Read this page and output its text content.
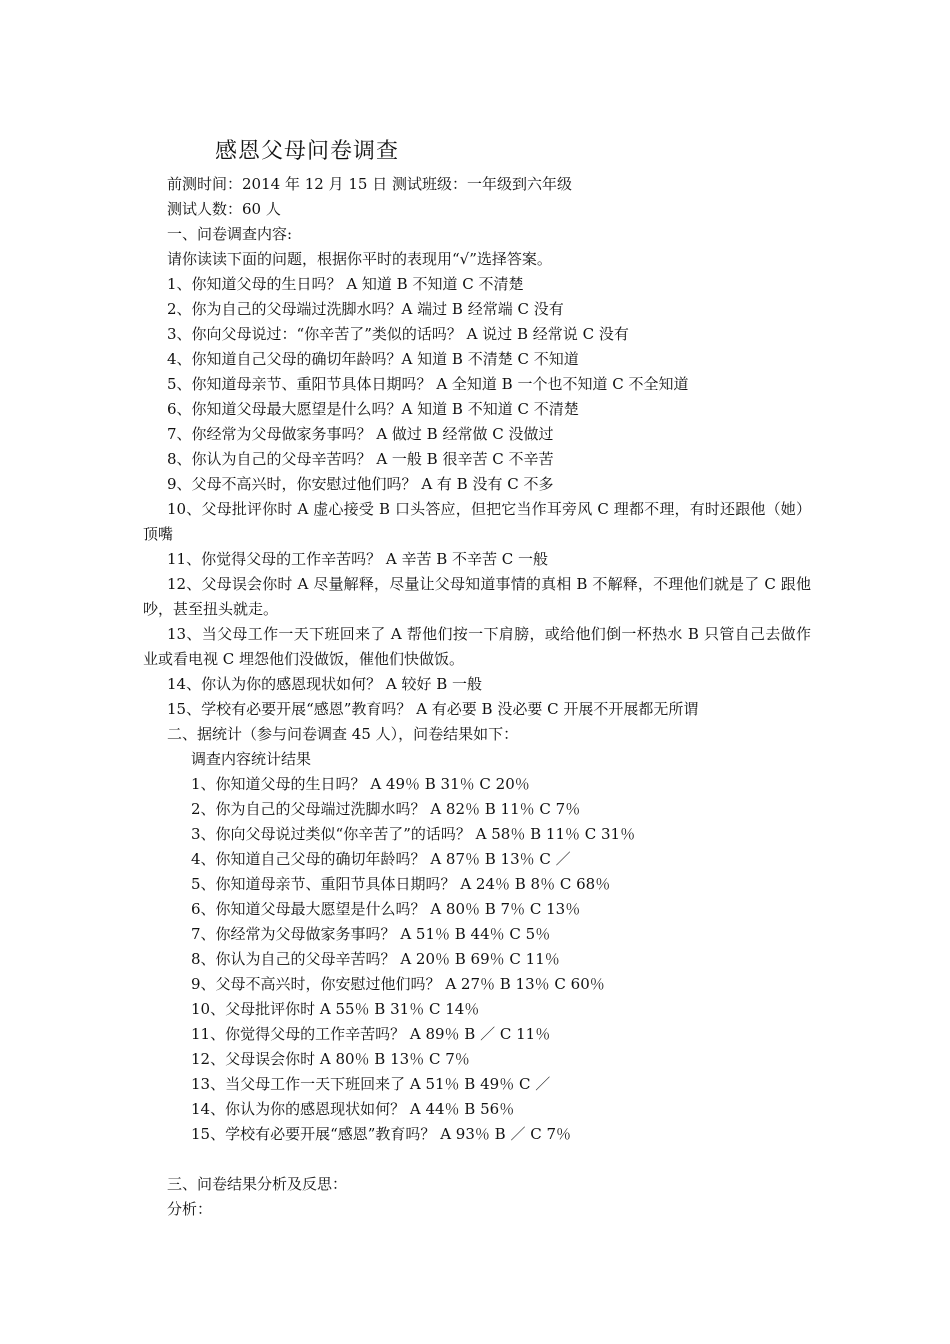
感恩父母问卷调查
前测时间：2014 年 12 月 15 日 测试班级：一年级到六年级
测试人数：60 人
一、问卷调查内容:
请你读读下面的问题，根据你平时的表现用“√”选择答案。
1、你知道父母的生日吗？ A 知道 B 不知道 C 不清楚
2、你为自己的父母端过洗脚水吗？A 端过 B 经常端 C 没有
3、你向父母说过：“你辛苦了”类似的话吗？ A 说过 B 经常说 C 没有
4、你知道自己父母的确切年龄吗？A 知道 B 不清楚 C 不知道
5、你知道母亲节、重阳节具体日期吗？ A 全知道 B 一个也不知道 C 不全知道
6、你知道父母最大愿望是什么吗？A 知道 B 不知道 C 不清楚
7、你经常为父母做家务事吗？ A 做过 B 经常做 C 没做过
8、你认为自己的父母辛苦吗？ A 一般 B 很辛苦 C 不辛苦
9、父母不高兴时，你安慰过他们吗？ A 有 B 没有 C 不多
10、父母批评你时 A 虚心接受 B 口头答应，但把它当作耳旁风 C 理都不理，有时还跟他（她）顶嘴
11、你觉得父母的工作辛苦吗？ A 辛苦 B 不辛苦 C 一般
12、父母误会你时 A 尽量解释，尽量让父母知道事情的真相 B 不解释，不理他们就是了 C 跟他吵，甚至扭头就走。
13、当父母工作一天下班回来了 A 帮他们按一下肩膀，或给他们倒一杯热水 B 只管自己去做作业或看电视 C 埋怨他们没做饭，催他们快做饭。
14、你认为你的感恩现状如何？ A 较好 B 一般
15、学校有必要开展“感恩”教育吗？ A 有必要 B 没必要 C 开展不开展都无所谓
二、据统计（参与问卷调查 45 人），问卷结果如下：
调查内容统计结果
1、你知道父母的生日吗？ A 49％ B 31％ C 20％
2、你为自己的父母端过洗脚水吗？ A 82％ B 11％ C 7％
3、你向父母说过类似“你辛苦了”的话吗？ A 58％ B 11％ C 31％
4、你知道自己父母的确切年龄吗？ A 87％ B 13％ C ／
5、你知道母亲节、重阳节具体日期吗？ A 24％ B 8％ C 68％
6、你知道父母最大愿望是什么吗？ A 80％ B 7％ C 13％
7、你经常为父母做家务事吗？ A 51％ B 44％ C 5％
8、你认为自己的父母辛苦吗？ A 20％ B 69％ C 11％
9、父母不高兴时，你安慰过他们吗？ A 27％ B 13％ C 60％
10、父母批评你时 A 55％ B 31％ C 14％
11、你觉得父母的工作辛苦吗？ A 89％ B ／ C 11％
12、父母误会你时 A 80％ B 13％ C 7％
13、当父母工作一天下班回来了 A 51％ B 49％ C ／
14、你认为你的感恩现状如何？ A 44％ B 56％
15、学校有必要开展“感恩”教育吗？ A 93％ B ／ C 7％
三、问卷结果分析及反思：
分析：
